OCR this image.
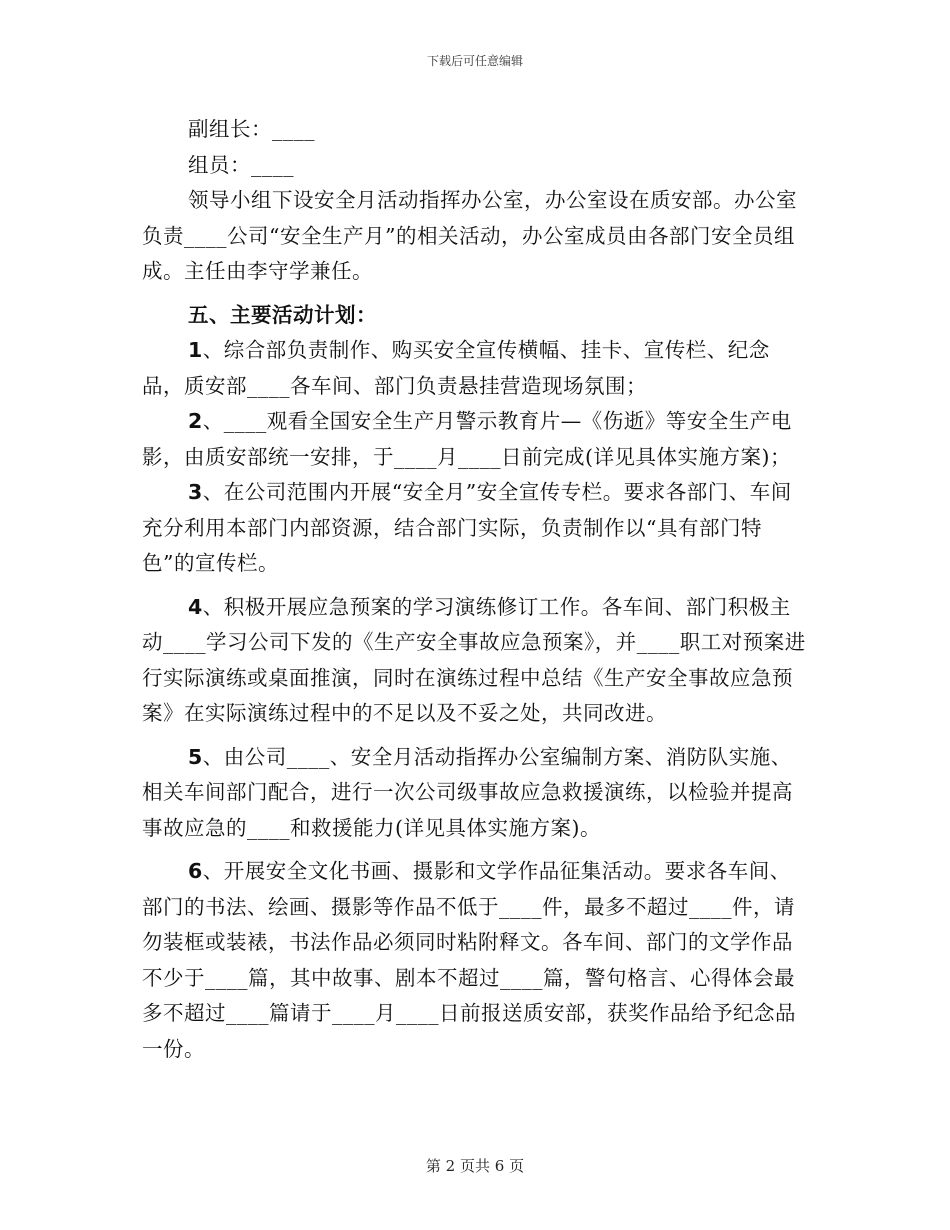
下载后可任意编辑

副组长：____

组员：____

领导小组下设安全月活动指挥办公室，办公室设在质安部。办公室负责____公司“安全生产月”的相关活动，办公室成员由各部门安全员组成。主任由李守学兼任。

五、主要活动计划：

1、综合部负责制作、购买安全宣传横幅、挂卡、宣传栏、纪念品，质安部____各车间、部门负责悬挂营造现场氛围；

2、____观看全国安全生产月警示教育片—《伤逝》等安全生产电影，由质安部统一安排，于____月____日前完成(详见具体实施方案)；

3、在公司范围内开展“安全月”安全宣传专栏。要求各部门、车间充分利用本部门内部资源，结合部门实际，负责制作以“具有部门特色”的宣传栏。

4、积极开展应急预案的学习演练修订工作。各车间、部门积极主动____学习公司下发的《生产安全事故应急预案》，并____职工对预案进行实际演练或桌面推演，同时在演练过程中总结《生产安全事故应急预案》在实际演练过程中的不足以及不妥之处，共同改进。

5、由公司____、安全月活动指挥办公室编制方案、消防队实施、相关车间部门配合，进行一次公司级事故应急救援演练，以检验并提高事故应急的____和救援能力(详见具体实施方案)。

6、开展安全文化书画、摄影和文学作品征集活动。要求各车间、部门的书法、绘画、摄影等作品不低于____件，最多不超过____件，请勿装框或装裱，书法作品必须同时粘附释文。各车间、部门的文学作品不少于____篇，其中故事、剧本不超过____篇，警句格言、心得体会最多不超过____篇请于____月____日前报送质安部，获奖作品给予纪念品一份。

第 2 页共 6 页
